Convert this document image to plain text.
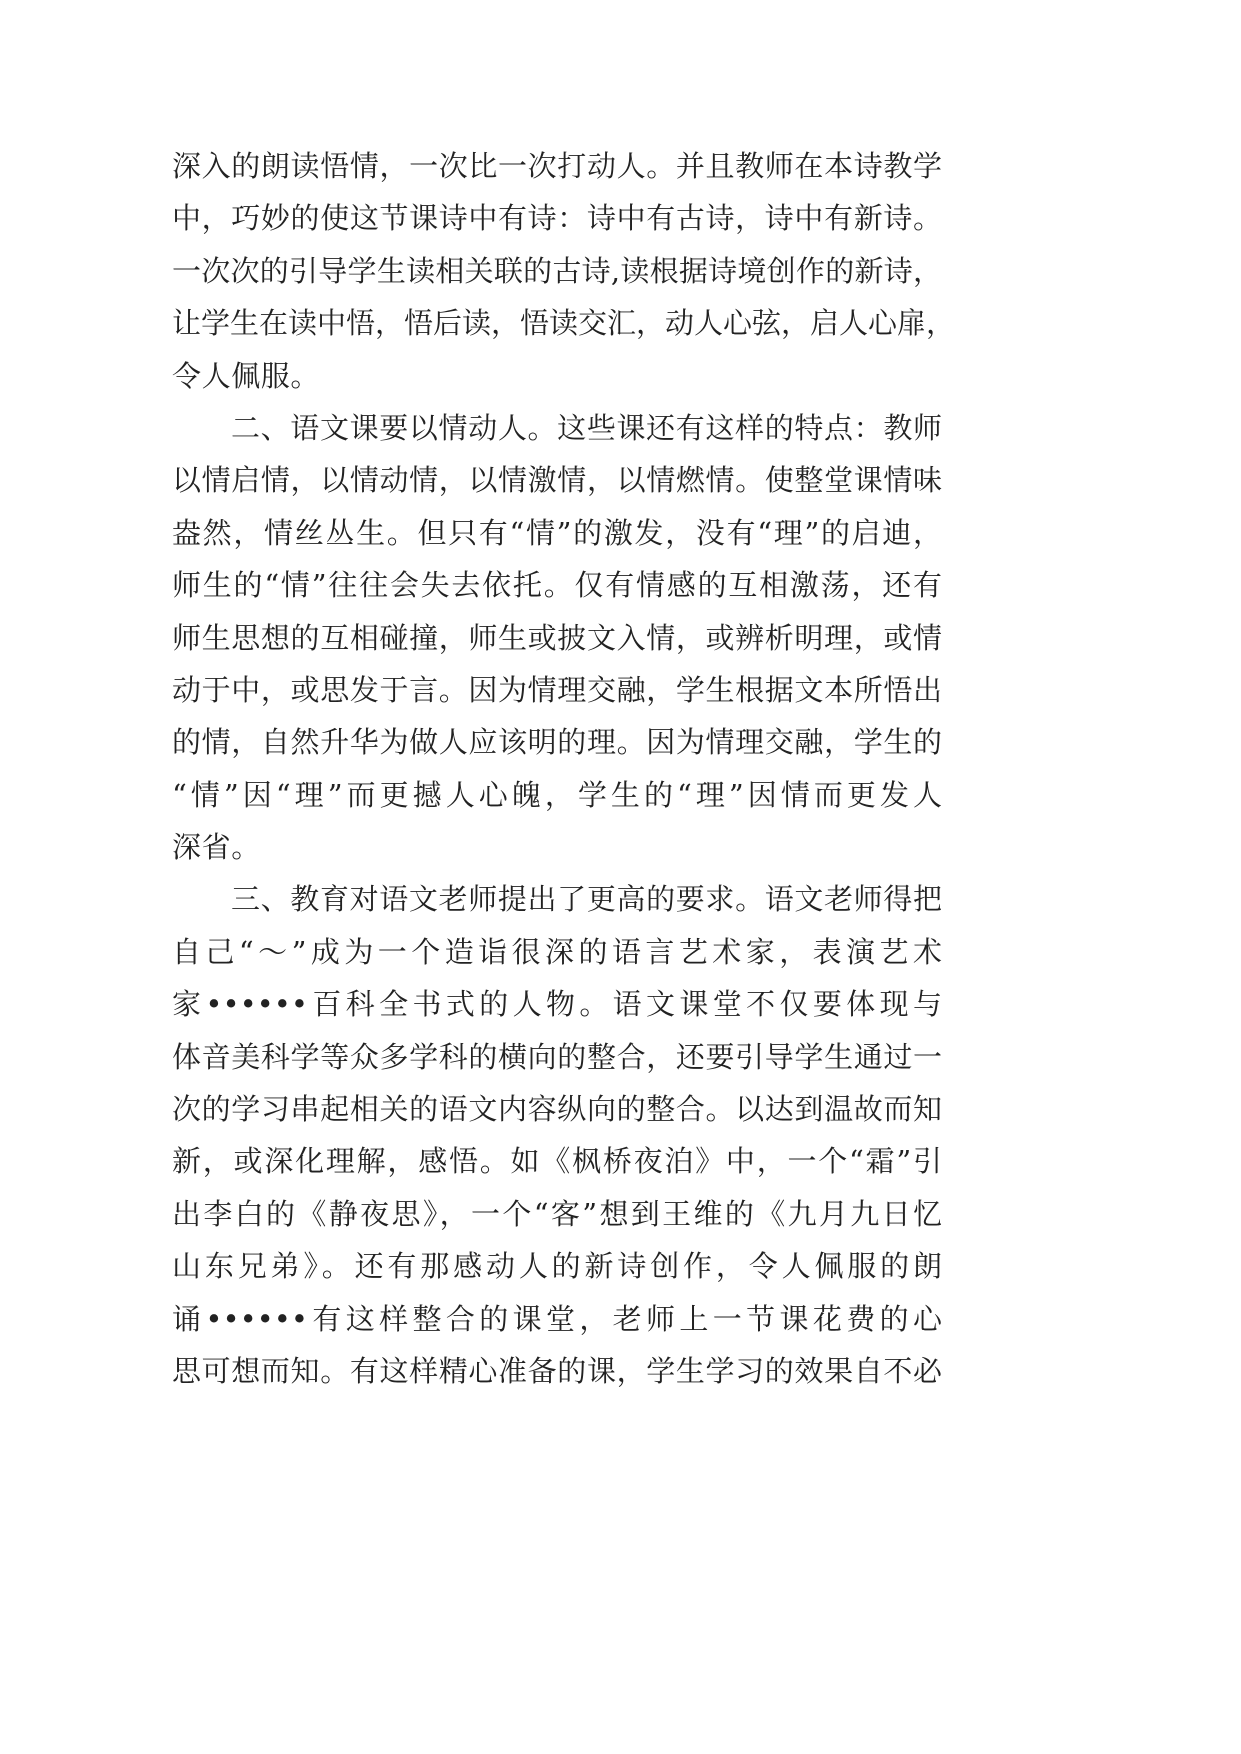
深入的朗读悟情，一次比一次打动人。并且教师在本诗教学
中，巧妙的使这节课诗中有诗：诗中有古诗，诗中有新诗。
一次次的引导学生读相关联的古诗,读根据诗境创作的新诗，
让学生在读中悟，悟后读，悟读交汇，动人心弦，启人心扉，
令人佩服。
二、语文课要以情动人。这些课还有这样的特点：教师
以情启情，以情动情，以情激情，以情燃情。使整堂课情味
盎然，情丝丛生。但只有“情”的激发，没有“理”的启迪，
师生的“情”往往会失去依托。仅有情感的互相激荡，还有
师生思想的互相碰撞，师生或披文入情，或辨析明理，或情
动于中，或思发于言。因为情理交融，学生根据文本所悟出
的情，自然升华为做人应该明的理。因为情理交融，学生的
“情”因“理”而更撼人心魄，学生的“理”因情而更发人
深省。
三、教育对语文老师提出了更高的要求。语文老师得把
自己“～”成为一个造诣很深的语言艺术家，表演艺术
家••••••百科全书式的人物。语文课堂不仅要体现与
体音美科学等众多学科的横向的整合，还要引导学生通过一
次的学习串起相关的语文内容纵向的整合。以达到温故而知
新，或深化理解，感悟。如《枫桥夜泊》中，一个“霜”引
出李白的《静夜思》，一个“客”想到王维的《九月九日忆
山东兄弟》。还有那感动人的新诗创作，令人佩服的朗
诵••••••有这样整合的课堂，老师上一节课花费的心
思可想而知。有这样精心准备的课，学生学习的效果自不必
